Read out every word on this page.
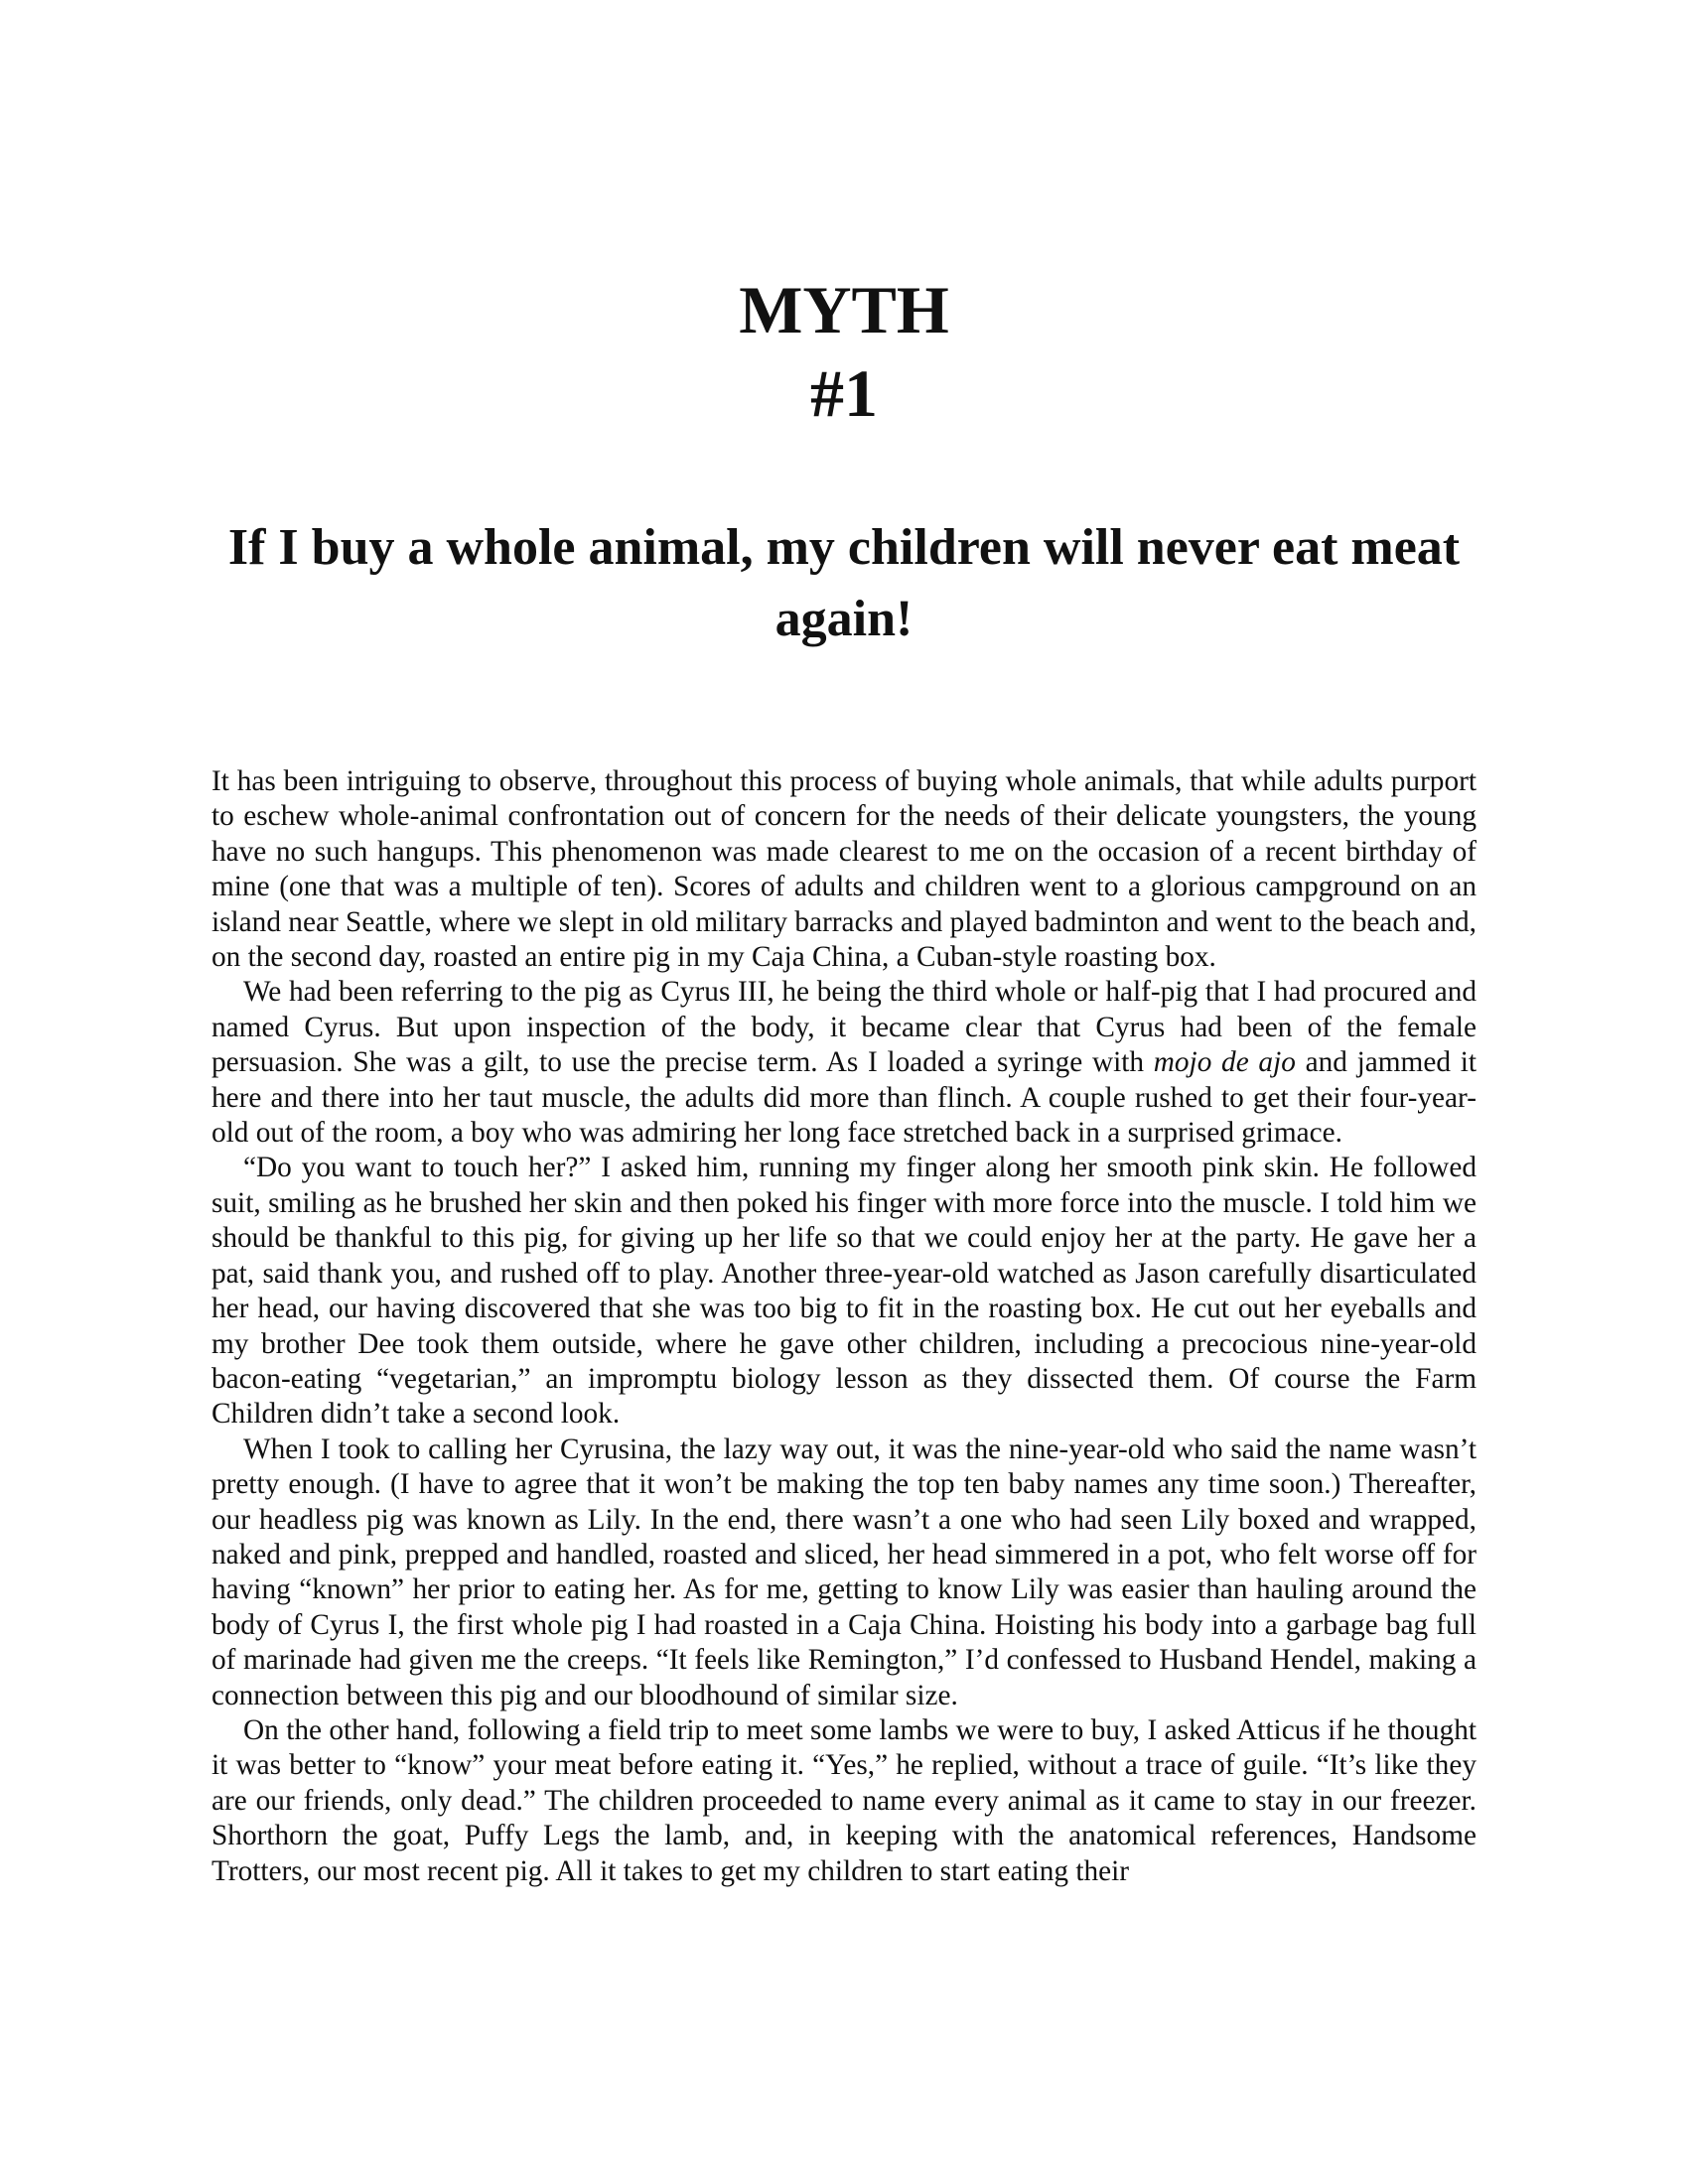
MYTH
#1
If I buy a whole animal, my children will never eat meat again!

It has been intriguing to observe, throughout this process of buying whole animals, that while adults purport to eschew whole-animal confrontation out of concern for the needs of their delicate youngsters, the young have no such hangups. This phenomenon was made clearest to me on the occasion of a recent birthday of mine (one that was a multiple of ten). Scores of adults and children went to a glorious campground on an island near Seattle, where we slept in old military barracks and played badminton and went to the beach and, on the second day, roasted an entire pig in my Caja China, a Cuban-style roasting box.

We had been referring to the pig as Cyrus III, he being the third whole or half-pig that I had procured and named Cyrus. But upon inspection of the body, it became clear that Cyrus had been of the female persuasion. She was a gilt, to use the precise term. As I loaded a syringe with mojo de ajo and jammed it here and there into her taut muscle, the adults did more than flinch. A couple rushed to get their four-year-old out of the room, a boy who was admiring her long face stretched back in a surprised grimace.

“Do you want to touch her?” I asked him, running my finger along her smooth pink skin. He followed suit, smiling as he brushed her skin and then poked his finger with more force into the muscle. I told him we should be thankful to this pig, for giving up her life so that we could enjoy her at the party. He gave her a pat, said thank you, and rushed off to play. Another three-year-old watched as Jason carefully disarticulated her head, our having discovered that she was too big to fit in the roasting box. He cut out her eyeballs and my brother Dee took them outside, where he gave other children, including a precocious nine-year-old bacon-eating “vegetarian,” an impromptu biology lesson as they dissected them. Of course the Farm Children didn’t take a second look.

When I took to calling her Cyrusina, the lazy way out, it was the nine-year-old who said the name wasn’t pretty enough. (I have to agree that it won’t be making the top ten baby names any time soon.) Thereafter, our headless pig was known as Lily. In the end, there wasn’t a one who had seen Lily boxed and wrapped, naked and pink, prepped and handled, roasted and sliced, her head simmered in a pot, who felt worse off for having “known” her prior to eating her. As for me, getting to know Lily was easier than hauling around the body of Cyrus I, the first whole pig I had roasted in a Caja China. Hoisting his body into a garbage bag full of marinade had given me the creeps. “It feels like Remington,” I’d confessed to Husband Hendel, making a connection between this pig and our bloodhound of similar size.

On the other hand, following a field trip to meet some lambs we were to buy, I asked Atticus if he thought it was better to “know” your meat before eating it. “Yes,” he replied, without a trace of guile. “It’s like they are our friends, only dead.” The children proceeded to name every animal as it came to stay in our freezer. Shorthorn the goat, Puffy Legs the lamb, and, in keeping with the anatomical references, Handsome Trotters, our most recent pig. All it takes to get my children to start eating their
